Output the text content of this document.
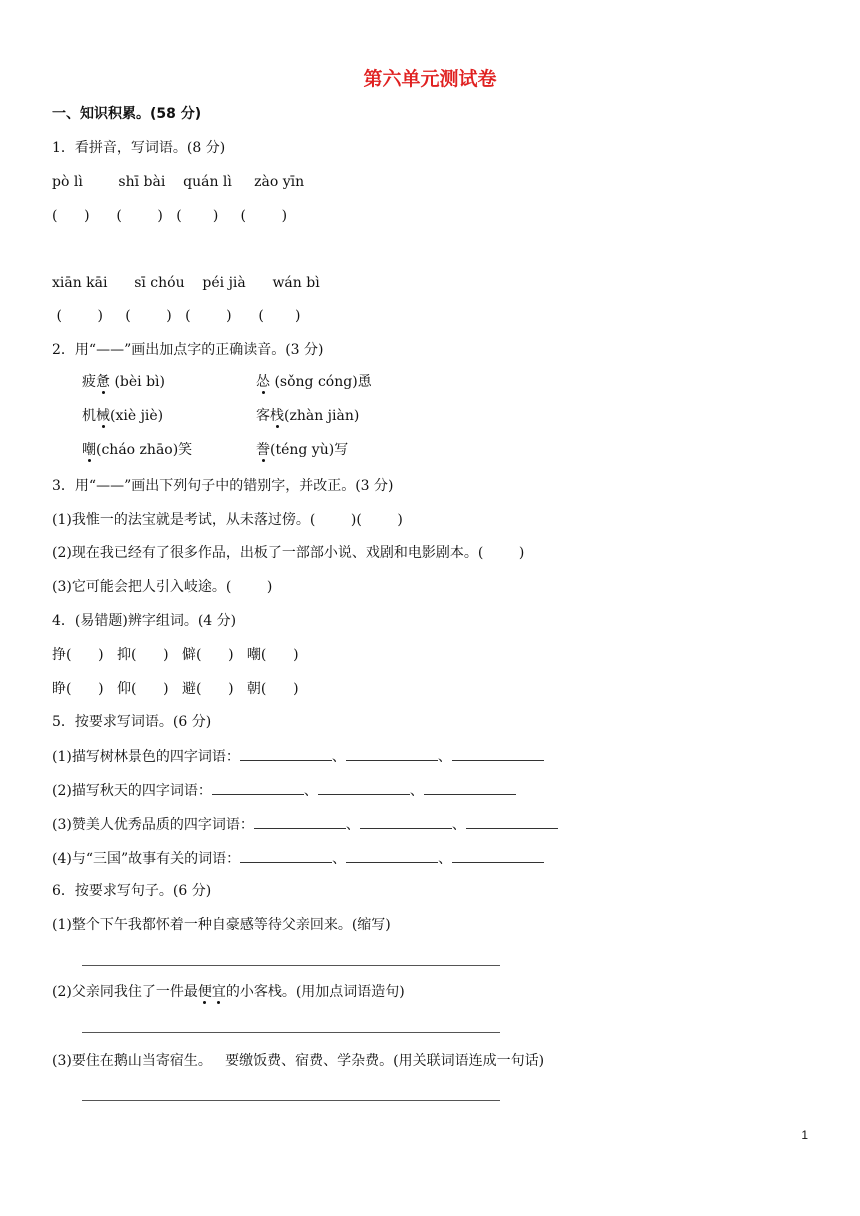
第六单元测试卷
一、知识积累。(58 分)
1．看拼音，写词语。(8 分)
pò lì        shī bài    quán lì     zào yīn
(      )      (        )   (       )     (        )
xiān kāi      sī chóu    péi jià      wán bì
(        )     (        )   (        )      (       )
2．用“——”画出加点字的正确读音。(3 分)
疲惫 (bèi bì)	怂 (sǒng cóng)恿
机械(xiè jiè)	客栈(zhàn jiàn)
嘲(cháo zhāo)笑	誊(téng yù)写
3．用“——”画出下列句子中的错别字，并改正。(3 分)
(1)我惟一的法宝就是考试，从未落过傍。(        )(        )
(2)现在我已经有了很多作品，出板了一部部小说、戏剧和电影剧本。(        )
(3)它可能会把人引入岐途。(        )
4．(易错题)辨字组词。(4 分)
挣(      )   抑(      )   僻(      )   嘲(      )
睁(      )   仰(      )   避(      )   朝(      )
5．按要求写词语。(6 分)
(1)描写树林景色的四字词语：	、	、
(2)描写秋天的四字词语：	、	、
(3)赞美人优秀品质的四字词语：	、	、
(4)与“三国”故事有关的词语：	、	、
6．按要求写句子。(6 分)
(1)整个下午我都怀着一种自豪感等待父亲回来。(缩写)
(2)父亲同我住了一件最便宜的小客栈。(用加点词语造句)
(3)要住在鹅山当寄宿生。   要缴饭费、宿费、学杂费。(用关联词语连成一句话)
1
